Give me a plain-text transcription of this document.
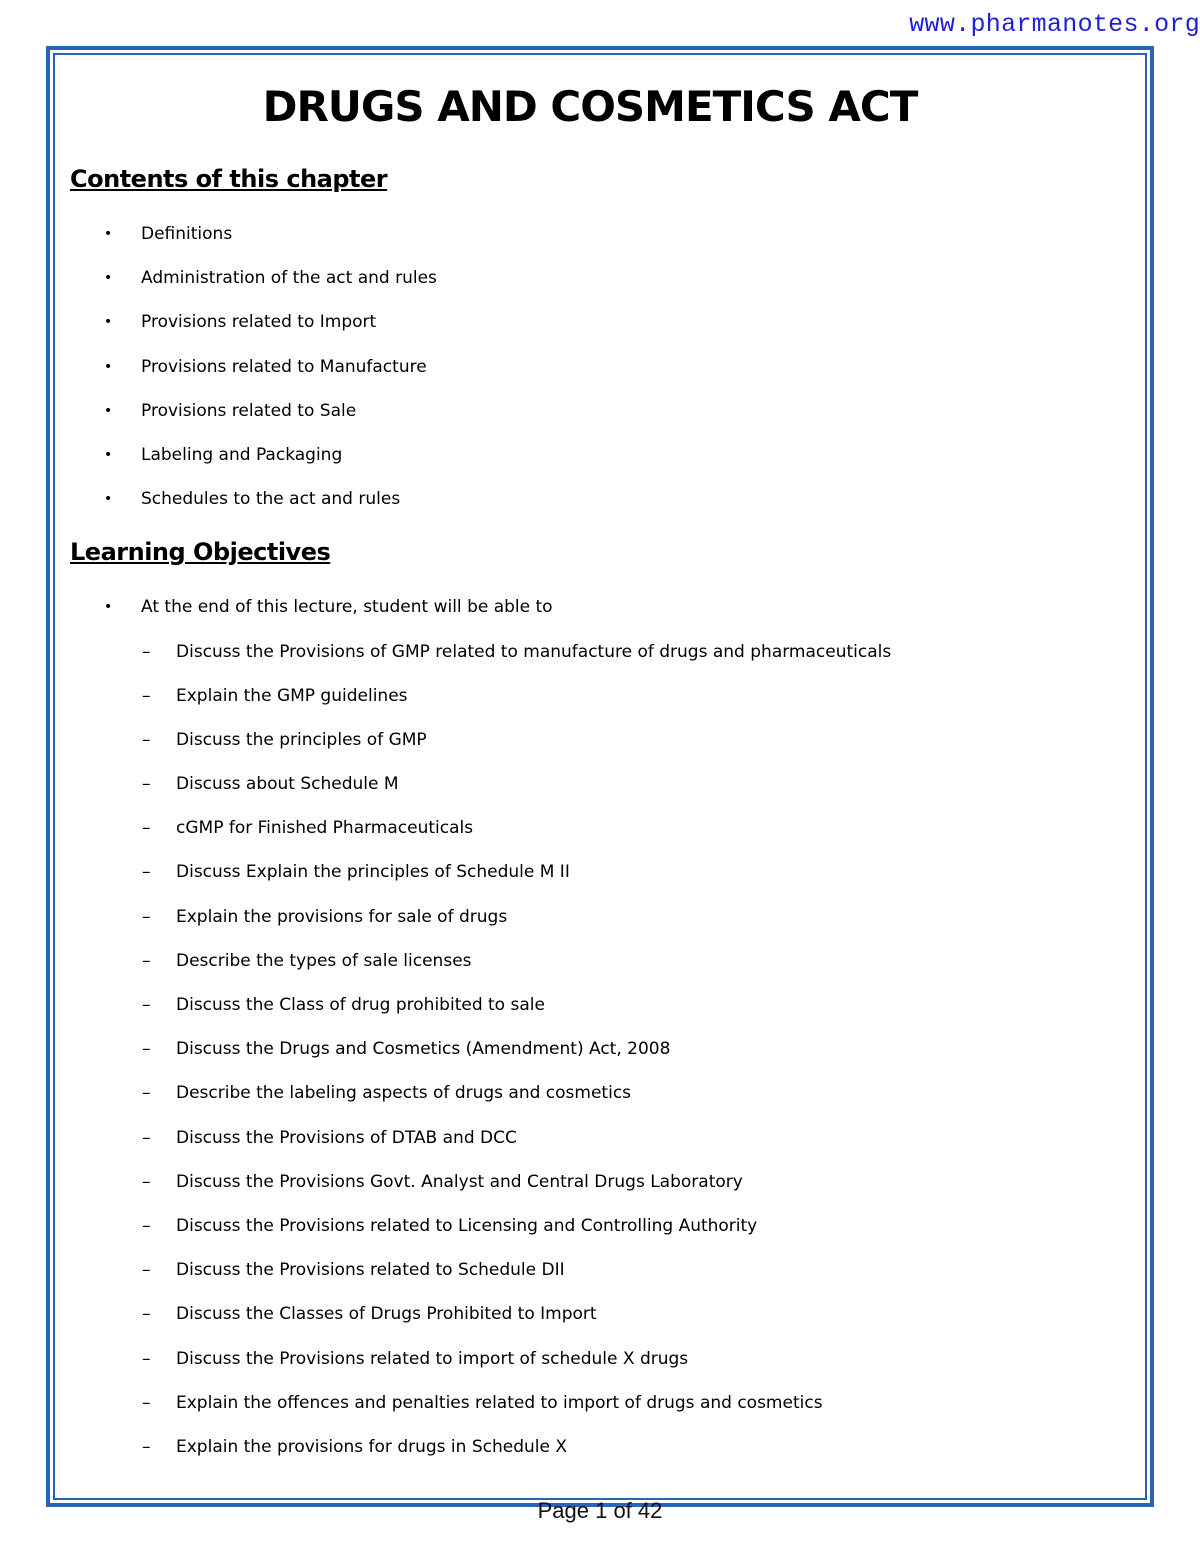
www.pharmanotes.org
DRUGS AND COSMETICS ACT
Contents of this chapter
• Definitions
• Administration of the act and rules
• Provisions related to Import
• Provisions related to Manufacture
• Provisions related to Sale
• Labeling and Packaging
• Schedules to the act and rules
Learning Objectives
• At the end of this lecture, student will be able to
– Discuss the Provisions of GMP related to manufacture of drugs and pharmaceuticals
– Explain the GMP guidelines
– Discuss the principles of GMP
– Discuss about Schedule M
– cGMP for Finished Pharmaceuticals
– Discuss Explain the principles of Schedule M II
– Explain the provisions for sale of drugs
– Describe the types of sale licenses
– Discuss the Class of drug prohibited to sale
– Discuss the Drugs and Cosmetics (Amendment) Act, 2008
– Describe the labeling aspects of drugs and cosmetics
– Discuss the Provisions of DTAB and DCC
– Discuss the Provisions Govt. Analyst and Central Drugs Laboratory
– Discuss the Provisions related to Licensing and Controlling Authority
– Discuss the Provisions related to Schedule DII
– Discuss the Classes of Drugs Prohibited to Import
– Discuss the Provisions related to import of schedule X drugs
– Explain the offences and penalties related to import of drugs and cosmetics
– Explain the provisions for drugs in Schedule X
Page 1 of 42
